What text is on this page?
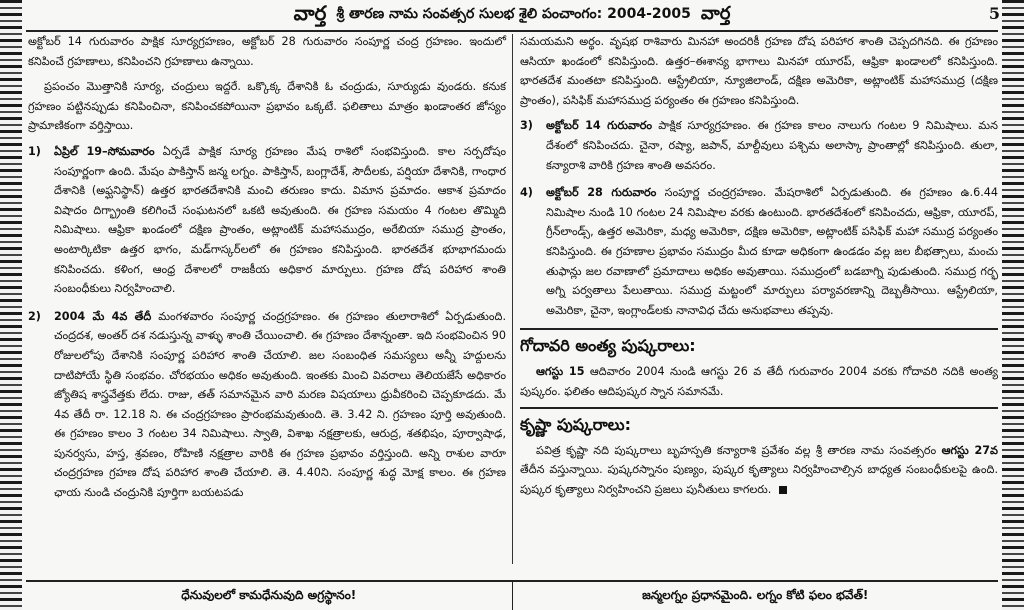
వార్త శ్రీ తారణ నామ సంవత్సర సులభ శైలి పంచాంగం: 2004-2005 వార్త	5

అక్టోబర్ 14 గురువారం పాక్షిక సూర్యగ్రహణం, అక్టోబర్ 28 గురువారం సంపూర్ణ చంద్ర గ్రహణం. ఇందులో కనిపించే గ్రహణాలు, కనిపించని గ్రహణాలు ఉన్నాయి.

ప్రపంచం మొత్తానికి సూర్య, చంద్రులు ఇద్దరే. ఒక్కొక్క దేశానికి ఓ చంద్రుడు, సూర్యుడు వుండరు. కనుక గ్రహణం పట్టినప్పుడు కనిపించినా, కనిపించకపోయినా ప్రభావం ఒక్కటే. ఫలితాలు మాత్రం ఖండాంతర జోస్యం ప్రామాణికంగా వర్తిస్తాయి.

1)	ఏప్రిల్ 19–సోమవారం ఏర్పడే పాక్షిక సూర్య గ్రహణం మేష రాశిలో సంభవిస్తుంది. కాల సర్పదోషం సంపూర్ణంగా ఉంది. మేషం పాకిస్తాన్ జన్మ లగ్నం. పాకిస్తాన్, బంగ్లాదేశ్, సౌదీలకు, పర్షియా దేశానికి, గాంధార దేశానికి (అఫ్ఘనిస్థాన్) ఉత్తర భారతదేశానికి మంచి తరుణం కాదు. విమాన ప్రమాదం. ఆకాశ ప్రమాదం విషాదం దిగ్భ్రాంతి కలిగించే సంఘటనలో ఒకటి అవుతుంది. ఈ గ్రహణ సమయం 4 గంటల తొమ్మిది నిమిషాలు. ఆఫ్రికా ఖండంలో దక్షిణ ప్రాంతం, అట్లాంటిక్ మహాసముద్రం, అరేబియా సముద్ర ప్రాంతం, అంటార్కిటికా ఉత్తర భాగం, మడ్‌గాస్కర్‌లలో ఈ గ్రహణం కనిపిస్తుంది. భారతదేశ భూభాగమందు కనిపించదు. కళింగ, ఆంధ్ర దేశాలలో రాజకీయ అధికార మార్పులు. గ్రహణ దోష పరిహార శాంతి సంబంధీకులు నిర్వహించాలి.
2)	2004 మే 4వ తేదీ మంగళవారం సంపూర్ణ చంద్రగ్రహణం. ఈ గ్రహణం తులారాశిలో ఏర్పడుతుంది. చంద్రదశ, అంతర్ దశ నడుస్తున్న వాళ్ళు శాంతి చేయించాలి. ఈ గ్రహణం దేశాన్నంతా. ఇది సంభవించిన 90 రోజులలోపు దేశానికి సంపూర్ణ పరిహార శాంతి చేయాలి. జల సంబంధిత సమస్యలు అన్నీ హద్దులను దాటిపోయే స్థితి సంభవం. చోరభయం అధికం అవుతుంది. ఇంతకు మించి వివరాలు తెలియజేసే అధికారం జ్యోతిష శాస్త్రవేత్తకు లేదు. రాజు, తత్ సమానమైన వారి మరణ విషయాలు ధ్రువీకరించి చెప్పకూడదు. మే 4వ తేదీ రా. 12.18 ని. ఈ చంద్రగ్రహణం ప్రారంభమవుతుంది. తె. 3.42 ని. గ్రహణం పూర్తి అవుతుంది. ఈ గ్రహణం కాలం 3 గంటల 34 నిమిషాలు. స్వాతి, విశాఖ నక్షత్రాలకు, ఆరుద్ర, శతభిషం, పూర్వాషాఢ, పునర్వసు, హస్త, శ్రవణం, రోహిణి నక్షత్రాల వారికి ఈ గ్రహణ ప్రభావం వర్తిస్తుంది. అన్ని రాశుల వారూ చంద్రగ్రహణ గ్రహణ దోష పరిహార శాంతి చేయాలి. తె. 4.40ని. సంపూర్ణ శుద్ధ మోక్ష కాలం. ఈ గ్రహణ ఛాయ నుండి చంద్రునికి పూర్తిగా బయటపడు

సమయమని అర్థం. వృషభ రాశివారు మినహా అందరికీ గ్రహణ దోష పరిహార శాంతి చెప్పదగినది. ఈ గ్రహణం ఆసియా ఖండంలో కనిపిస్తుంది. ఉత్తర–ఈశాన్య భాగాలు మినహా యూరప్, ఆఫ్రికా ఖండాలలో కనిపిస్తుంది. భారతదేశ మంతటా కనిపిస్తుంది. ఆస్ట్రేలియా, న్యూజిలాండ్, దక్షిణ అమెరికా, అట్లాంటిక్ మహాసముద్ర (దక్షిణ ప్రాంతం), పసిఫిక్ మహాసముద్ర పర్యంతం ఈ గ్రహణం కనిపిస్తుంది.

3)	అక్టోబర్ 14 గురువారం పాక్షిక సూర్యగ్రహణం. ఈ గ్రహణ కాలం నాలుగు గంటల 9 నిమిషాలు. మన దేశంలో కనిపించదు. చైనా, రష్యా, జపాన్, మాల్దీవులు పశ్చిమ అలాస్కా ప్రాంతాల్లో కనిపిస్తుంది. తులా, కన్యారాశి వారికి గ్రహణ శాంతి అవసరం.
4)	అక్టోబర్ 28 గురువారం సంపూర్ణ చంద్రగ్రహణం. మేషరాశిలో ఏర్పడుతుంది. ఈ గ్రహణం ఉ.6.44 నిమిషాల నుండి 10 గంటల 24 నిమిషాల వరకు ఉంటుంది. భారతదేశంలో కనిపించదు, ఆఫ్రికా, యూరప్, గ్రీన్‌లాండ్స్, ఉత్తర అమెరికా, మధ్య అమెరికా, దక్షిణ అమెరికా, అట్లాంటిక్ పసిఫిక్ మహా సముద్ర పర్యంతం కనిపిస్తుంది. ఈ గ్రహణాల ప్రభావం సముద్రం మీద కూడా అధికంగా ఉండడం వల్ల జల బీభత్సాలు, మంచు తుఫాన్లు జల రవాణాలో ప్రమాదాలు అధికం అవుతాయి. సముద్రంలో బడబాగ్ని పుడుతుంది. సముద్ర గర్భ అగ్ని పర్వతాలు పేలుతాయి. సముద్ర మట్టంలో మార్పులు పర్యావరణాన్ని దెబ్బతీసాయి. ఆస్ట్రేలియా, అమెరికా, చైనా, ఇంగ్లాండ్‌లకు నానావిధ చేదు అనుభవాలు తప్పవు.
గోదావరి అంత్య పుష్కరాలు:

ఆగస్టు 15 ఆదివారం 2004 నుండి ఆగస్టు 26 వ తేదీ గురువారం 2004 వరకు గోదావరి నదికి అంత్య పుష్కరం. ఫలితం ఆదిపుష్కర స్నాన సమానమే.

కృష్ణా పుష్కరాలు:

పవిత్ర కృష్ణా నది పుష్కరాలు బృహస్పతి కన్యారాశి ప్రవేశం వల్ల శ్రీ తారణ నామ సంవత్సరం ఆగస్టు 27వ తేదీన వస్తున్నాయి. పుష్కరస్నానం పుణ్యం, పుష్కర కృత్యాలు నిర్వహించాల్సిన బాధ్యత సంబంధీకులపై ఉంది. పుష్కర కృత్యాలు నిర్వహించని ప్రజలు పునీతులు కాగలరు.

ధేనువులలో కామధేనువుది అగ్రస్థానం!	జన్మలగ్నం ప్రధానమైంది. లగ్నం కోటి ఫలం భవేత్!
